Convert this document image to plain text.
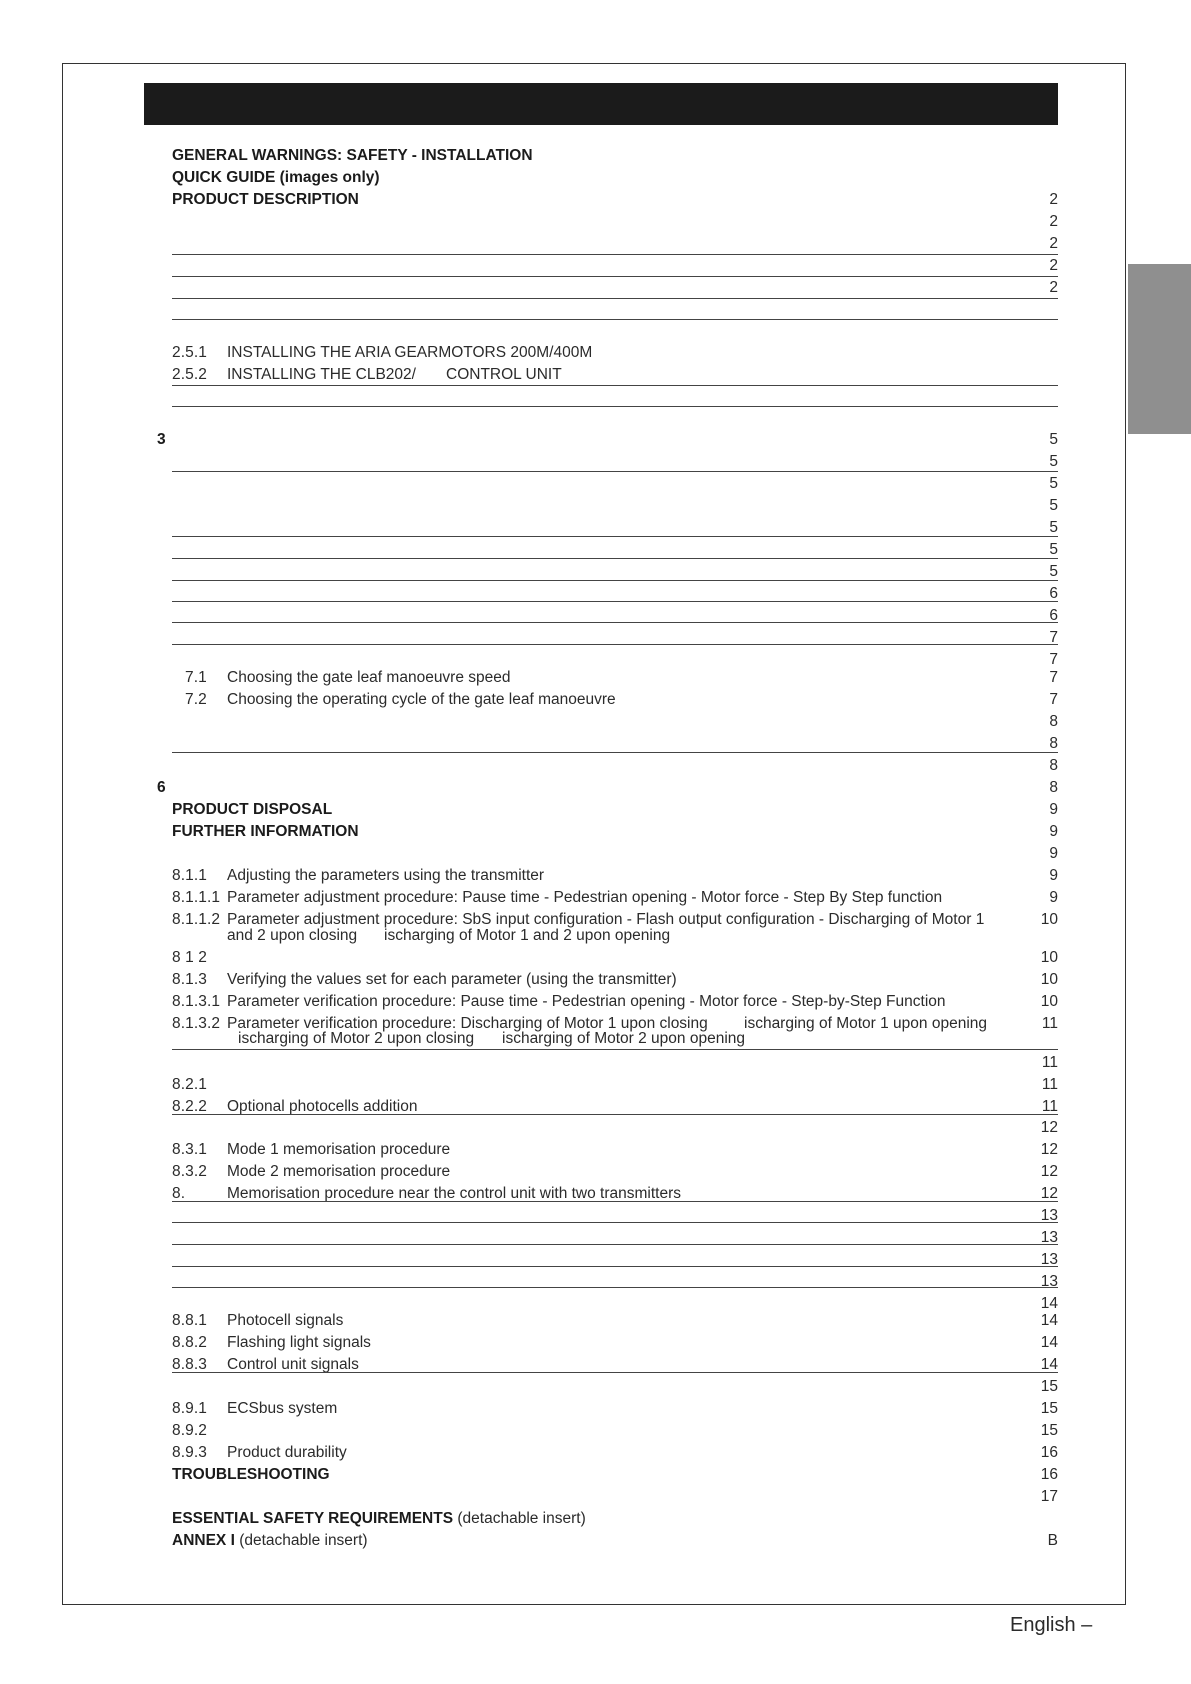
GENERAL WARNINGS: SAFETY - INSTALLATION
QUICK GUIDE (images only)
PRODUCT DESCRIPTION	2
2
2
2
2
2.5.1 INSTALLING THE ARIA GEARMOTORS 200M/400M
2.5.2 INSTALLING THE CLB202/ CONTROL UNIT
3	5
5
5
5
5
5
5
6
6
7
7
7.1 Choosing the gate leaf manoeuvre speed	7
7.2 Choosing the operating cycle of the gate leaf manoeuvre	7
8
8
8
6	8
PRODUCT DISPOSAL	9
FURTHER INFORMATION	9
9
8.1.1 Adjusting the parameters using the transmitter	9
8.1.1.1 Parameter adjustment procedure: Pause time - Pedestrian opening - Motor force - Step By Step function	9
8.1.1.2 Parameter adjustment procedure: SbS input configuration - Flash output configuration - Discharging of Motor 1	10
and 2 upon closing ischarging of Motor 1 and 2 upon opening
8 1 2	10
8.1.3 Verifying the values set for each parameter (using the transmitter)	10
8.1.3.1 Parameter verification procedure: Pause time - Pedestrian opening - Motor force - Step-by-Step Function	10
8.1.3.2 Parameter verification procedure: Discharging of Motor 1 upon closing ischarging of Motor 1 upon opening	11
ischarging of Motor 2 upon closing ischarging of Motor 2 upon opening
11
8.2.1	11
8.2.2 Optional photocells addition	11
12
8.3.1 Mode 1 memorisation procedure	12
8.3.2 Mode 2 memorisation procedure	12
8.	Memorisation procedure near the control unit with two transmitters	12
13
13
13
13
14
8.8.1 Photocell signals	14
8.8.2 Flashing light signals	14
8.8.3 Control unit signals	14
15
8.9.1 ECSbus system	15
8.9.2	15
8.9.3 Product durability	16
TROUBLESHOOTING	16
17
ESSENTIAL SAFETY REQUIREMENTS (detachable insert)
ANNEX I (detachable insert)	B
English –
